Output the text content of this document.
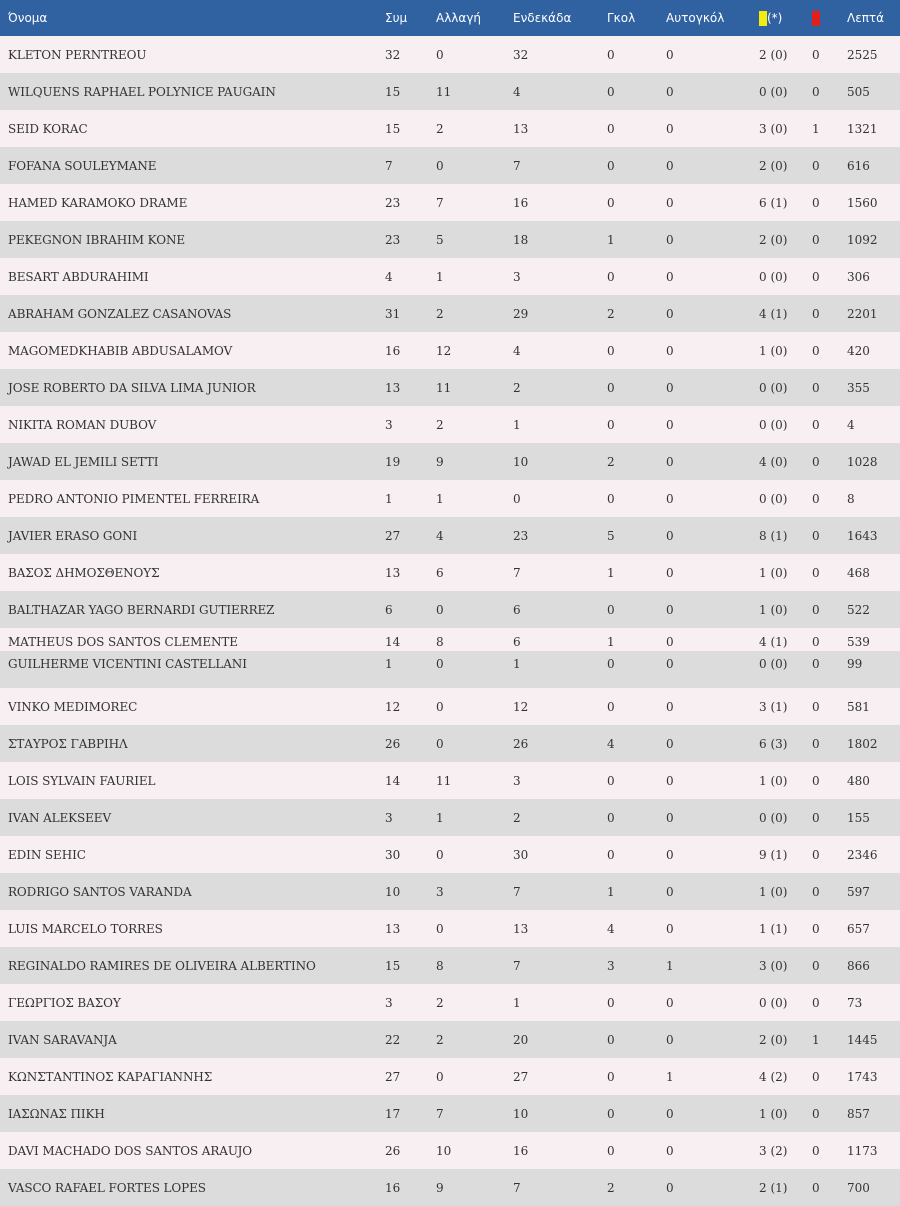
Όνομα	Συμ	Αλλαγή	Ενδεκάδα	Γκολ	Αυτογκόλ	(*)		Λεπτά
KLETON PERNTREOU	32	0	32	0	0	2 (0)	0	2525
WILQUENS RAPHAEL POLYNICE PAUGAIN	15	11	4	0	0	0 (0)	0	505
SEID KORAC	15	2	13	0	0	3 (0)	1	1321
FOFANA SOULEYMANE	7	0	7	0	0	2 (0)	0	616
HAMED KARAMOKO DRAME	23	7	16	0	0	6 (1)	0	1560
PEKEGNON IBRAHIM KONE	23	5	18	1	0	2 (0)	0	1092
BESART ABDURAHIMI	4	1	3	0	0	0 (0)	0	306
ABRAHAM GONZALEZ CASANOVAS	31	2	29	2	0	4 (1)	0	2201
MAGOMEDKHABIB ABDUSALAMOV	16	12	4	0	0	1 (0)	0	420
JOSE ROBERTO DA SILVA LIMA JUNIOR	13	11	2	0	0	0 (0)	0	355
NIKITA ROMAN DUBOV	3	2	1	0	0	0 (0)	0	4
JAWAD EL JEMILI SETTI	19	9	10	2	0	4 (0)	0	1028
PEDRO ANTONIO PIMENTEL FERREIRA	1	1	0	0	0	0 (0)	0	8
JAVIER ERASO GONI	27	4	23	5	0	8 (1)	0	1643
ΒΑΣΟΣ ΔΗΜΟΣΘΕΝΟΥΣ	13	6	7	1	0	1 (0)	0	468
BALTHAZAR YAGO BERNARDI GUTIERREZ	6	0	6	0	0	1 (0)	0	522
MATHEUS DOS SANTOS CLEMENTE	14	8	6	1	0	4 (1)	0	539
GUILHERME VICENTINI CASTELLANI	1	0	1	0	0	0 (0)	0	99
VINKO MEDIMOREC	12	0	12	0	0	3 (1)	0	581
ΣΤΑΥΡΟΣ ΓΑΒΡΙΗΛ	26	0	26	4	0	6 (3)	0	1802
LOIS SYLVAIN FAURIEL	14	11	3	0	0	1 (0)	0	480
IVAN ALEKSEEV	3	1	2	0	0	0 (0)	0	155
EDIN SEHIC	30	0	30	0	0	9 (1)	0	2346
RODRIGO SANTOS VARANDA	10	3	7	1	0	1 (0)	0	597
LUIS MARCELO TORRES	13	0	13	4	0	1 (1)	0	657
REGINALDO RAMIRES DE OLIVEIRA ALBERTINO	15	8	7	3	1	3 (0)	0	866
ΓΕΩΡΓΙΟΣ ΒΑΣΟΥ	3	2	1	0	0	0 (0)	0	73
IVAN SARAVANJA	22	2	20	0	0	2 (0)	1	1445
ΚΩΝΣΤΑΝΤΙΝΟΣ ΚΑΡΑΓΙΑΝΝΗΣ	27	0	27	0	1	4 (2)	0	1743
ΙΑΣΩΝΑΣ ΠΙΚΗ	17	7	10	0	0	1 (0)	0	857
DAVI MACHADO DOS SANTOS ARAUJO	26	10	16	0	0	3 (2)	0	1173
VASCO RAFAEL FORTES LOPES	16	9	7	2	0	2 (1)	0	700
